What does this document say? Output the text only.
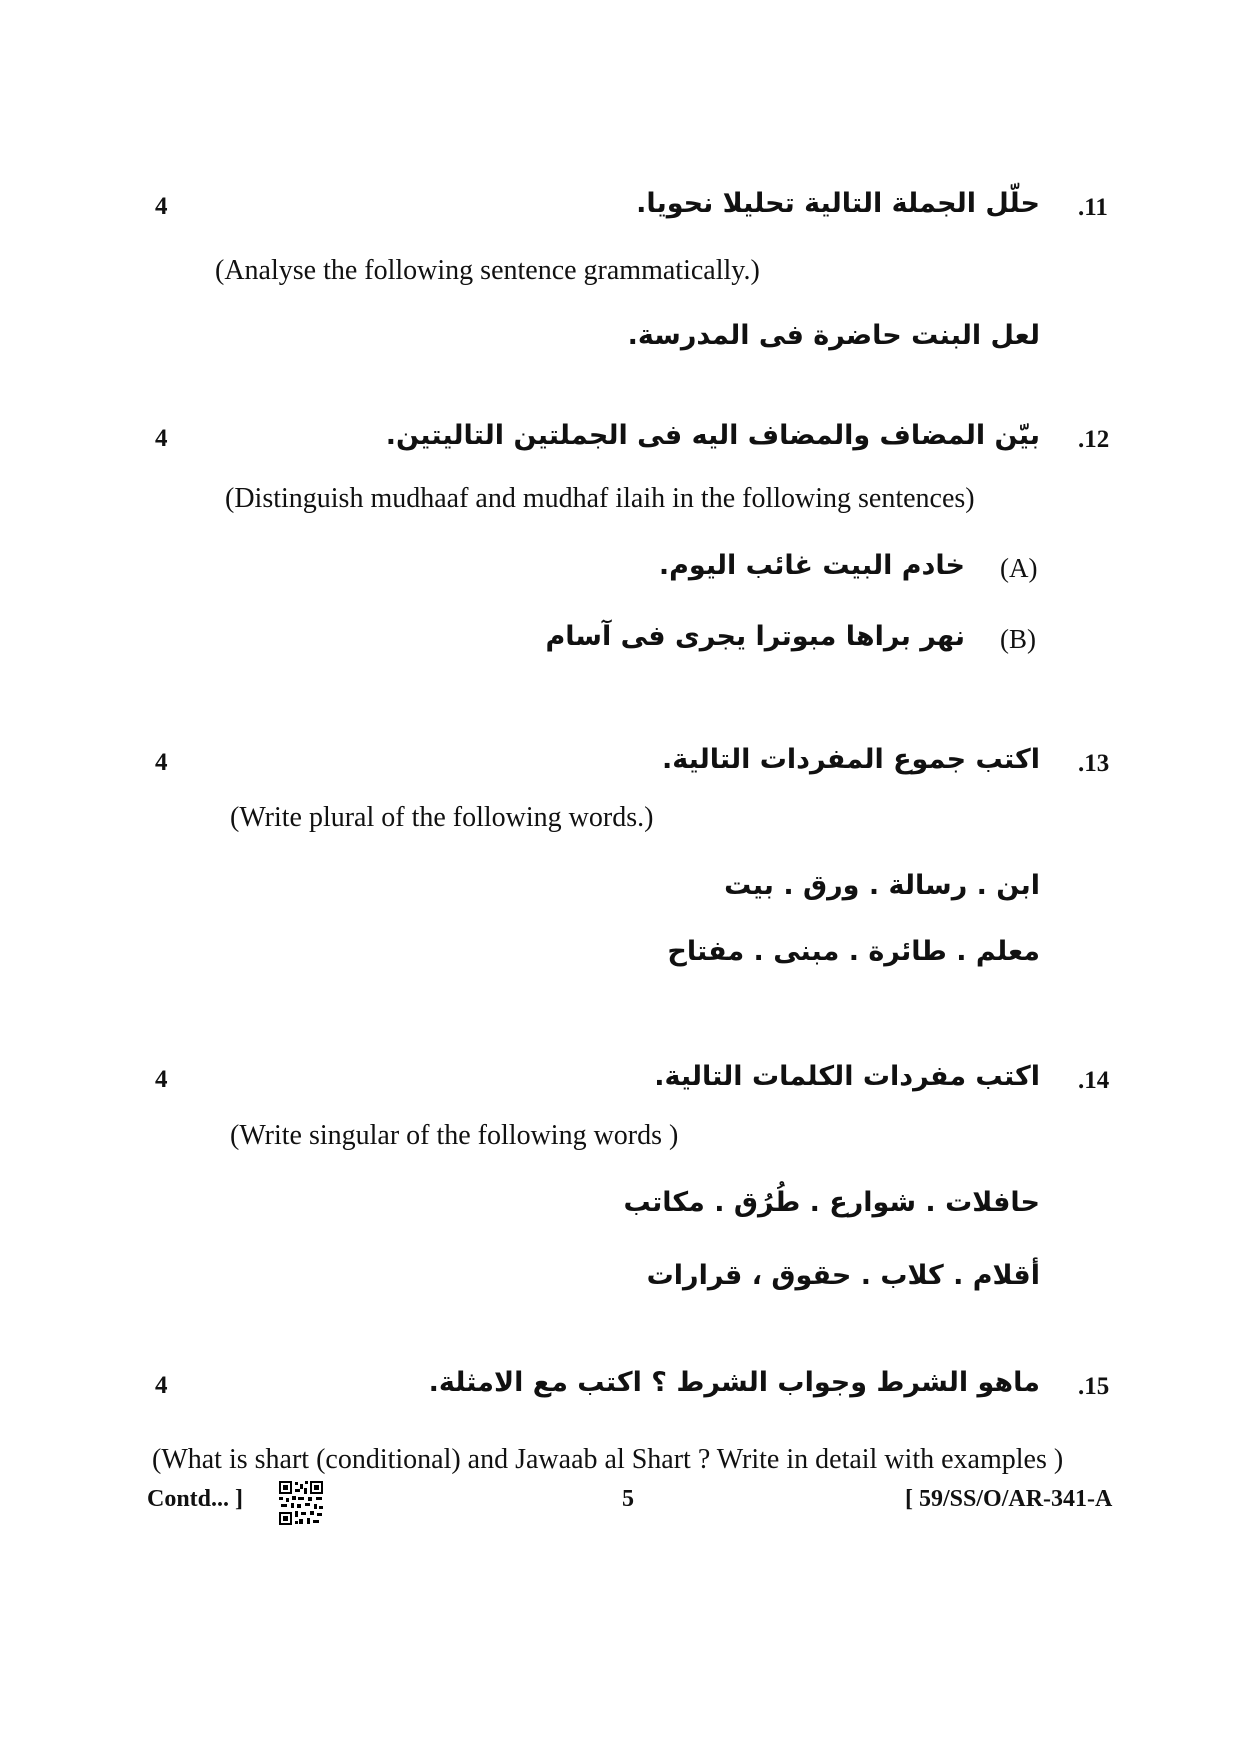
4	حلّل الجملة التالية تحليلا نحويا. .11
(Analyse the following sentence grammatically.)
لعل البنت حاضرة فى المدرسة.
4	بيّن المضاف والمضاف اليه فى الجملتين التاليتين. .12
(Distinguish mudhaaf and mudhaf ilaih in the following sentences)
(A)
خادم البيت غائب اليوم.
(B)
نهر براها مبوترا يجرى فى آسام
4	اكتب جموع المفردات التالية. .13
(Write plural of the following words.)
ابن . رسالة . ورق . بيت
معلم . طائرة . مبنى . مفتاح
4	اكتب مفردات الكلمات التالية. .14
(Write singular of the following words )
حافلات . شوارع . طُرُق . مكاتب
أقلام . كلاب . حقوق ، قرارات
4	ماهو الشرط وجواب الشرط ؟ اكتب مع الامثلة. .15
(What is shart (conditional) and Jawaab al Shart ? Write in detail with examples )
Contd... ]	5	[ 59/SS/O/AR-341-A
